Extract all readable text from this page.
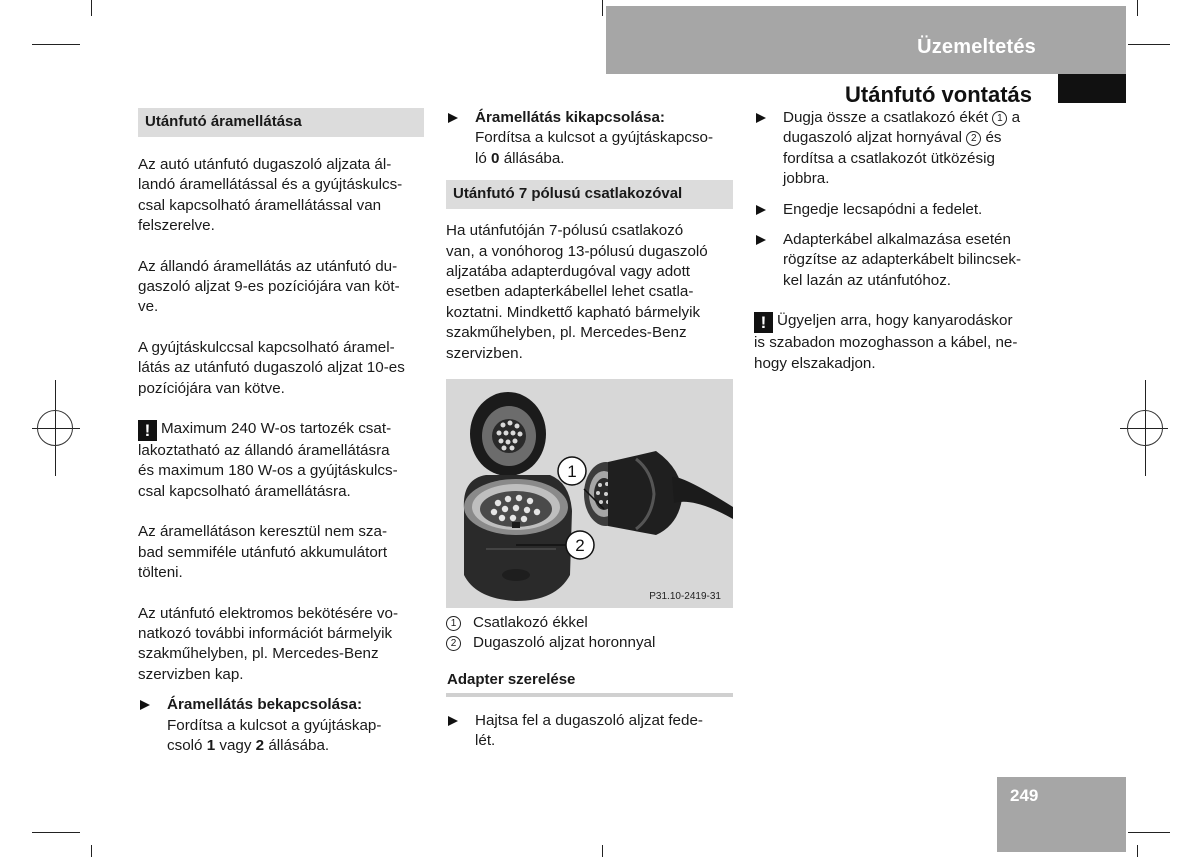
Üzemeltetés
Utánfutó vontatás
Utánfutó áramellátása

Az autó utánfutó dugaszoló aljzata ál-
landó áramellátással és a gyújtáskulcs-
csal kapcsolható áramellátással van
felszerelve.

Az állandó áramellátás az utánfutó du-
gaszoló aljzat 9-es pozíciójára van köt-
ve.

A gyújtáskulccsal kapcsolható áramel-
látás az utánfutó dugaszoló aljzat 10-es
pozíciójára van kötve.

! Maximum 240 W-os tartozék csat-
lakoztatható az állandó áramellátásra
és maximum 180 W-os a gyújtáskulcs-
csal kapcsolható áramellátásra.

Az áramellátáson keresztül nem sza-
bad semmiféle utánfutó akkumulátort
tölteni.

Az utánfutó elektromos bekötésére vo-
natkozó további információt bármelyik
szakműhelyben, pl. Mercedes-Benz
szervizben kap.

Áramellátás bekapcsolása:
Fordítsa a kulcsot a gyújtáskap-
csoló 1 vagy 2 állásába.
Áramellátás kikapcsolása:
Fordítsa a kulcsot a gyújtáskapcso-
ló 0 állásába.
Utánfutó 7 pólusú csatlakozóval

Ha utánfutóján 7-pólusú csatlakozó
van, a vonóhorog 13-pólusú dugaszoló
aljzatába adapterdugóval vagy adott
esetben adapterkábellel lehet csatla-
koztatni. Mindkettő kapható bármelyik
szakműhelyben, pl. Mercedes-Benz
szervizben.

1
2
P31.10-2419-31
1 Csatlakozó ékkel
2 Dugaszoló aljzat horonnyal
Adapter szerelése
Hajtsa fel a dugaszoló aljzat fede-
lét.
Dugja össze a csatlakozó ékét 1 a
dugaszoló aljzat hornyával 2 és
fordítsa a csatlakozót ütközésig
jobbra.
Engedje lecsapódni a fedelet.
Adapterkábel alkalmazása esetén
rögzítse az adapterkábelt bilincsek-
kel lazán az utánfutóhoz.

! Ügyeljen arra, hogy kanyarodáskor
is szabadon mozoghasson a kábel, ne-
hogy elszakadjon.

249
